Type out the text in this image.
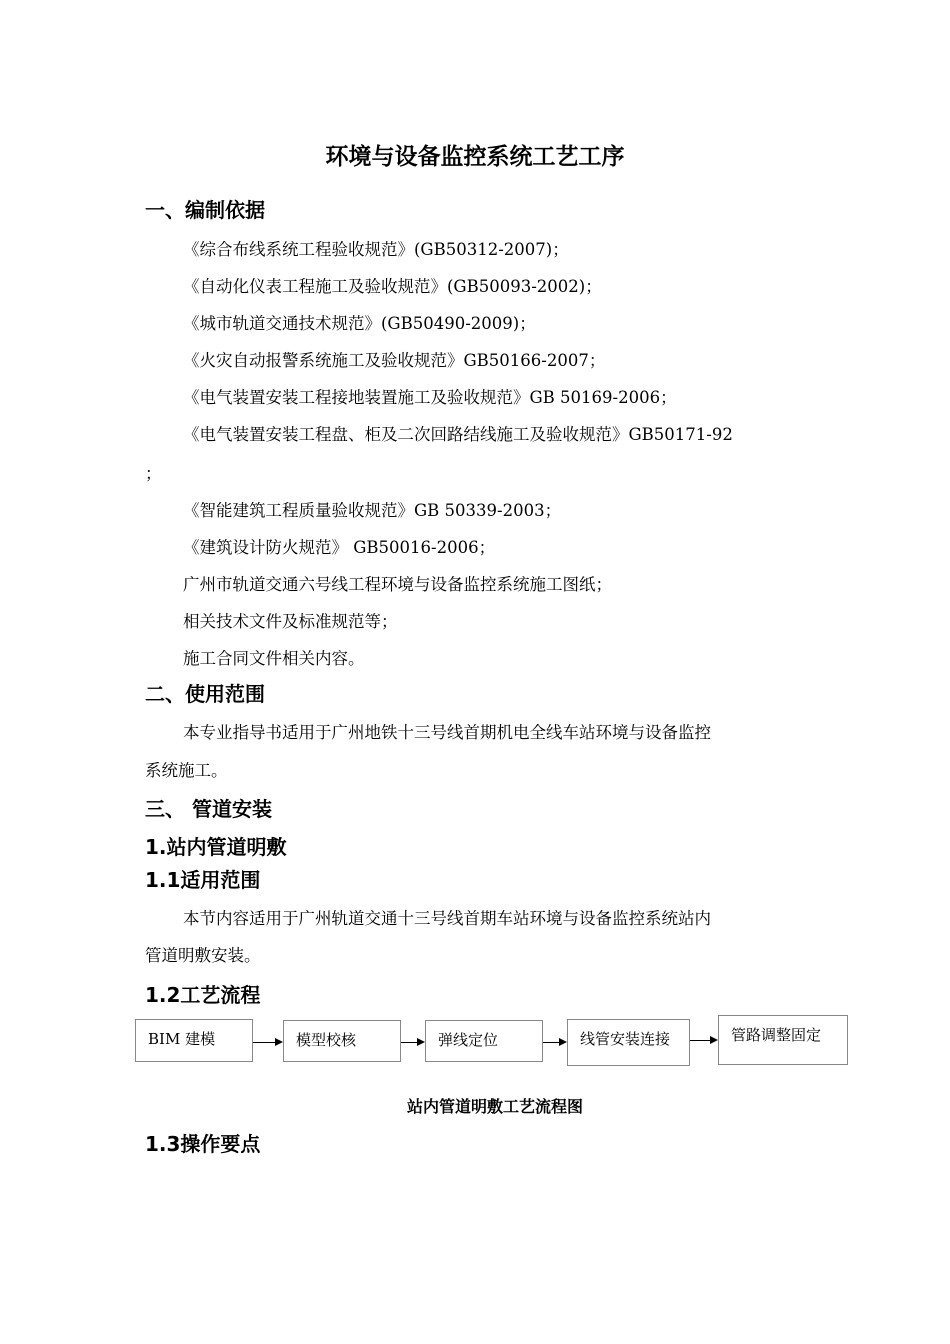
环境与设备监控系统工艺工序
一、编制依据
《综合布线系统工程验收规范》(GB50312-2007)；
《自动化仪表工程施工及验收规范》(GB50093-2002)；
《城市轨道交通技术规范》(GB50490-2009)；
《火灾自动报警系统施工及验收规范》GB50166-2007；
《电气装置安装工程接地装置施工及验收规范》GB 50169-2006；
《电气装置安装工程盘、柜及二次回路结线施工及验收规范》GB50171-92
；
《智能建筑工程质量验收规范》GB 50339-2003；
《建筑设计防火规范》 GB50016-2006；
广州市轨道交通六号线工程环境与设备监控系统施工图纸；
相关技术文件及标准规范等；
施工合同文件相关内容。
二、使用范围
本专业指导书适用于广州地铁十三号线首期机电全线车站环境与设备监控
系统施工。
三、 管道安装
1.站内管道明敷
1.1适用范围
本节内容适用于广州轨道交通十三号线首期车站环境与设备监控系统站内
管道明敷安装。
1.2工艺流程
BIM 建模	模型校核	弹线定位	线管安装连接	管路调整固定
站内管道明敷工艺流程图
1.3操作要点
